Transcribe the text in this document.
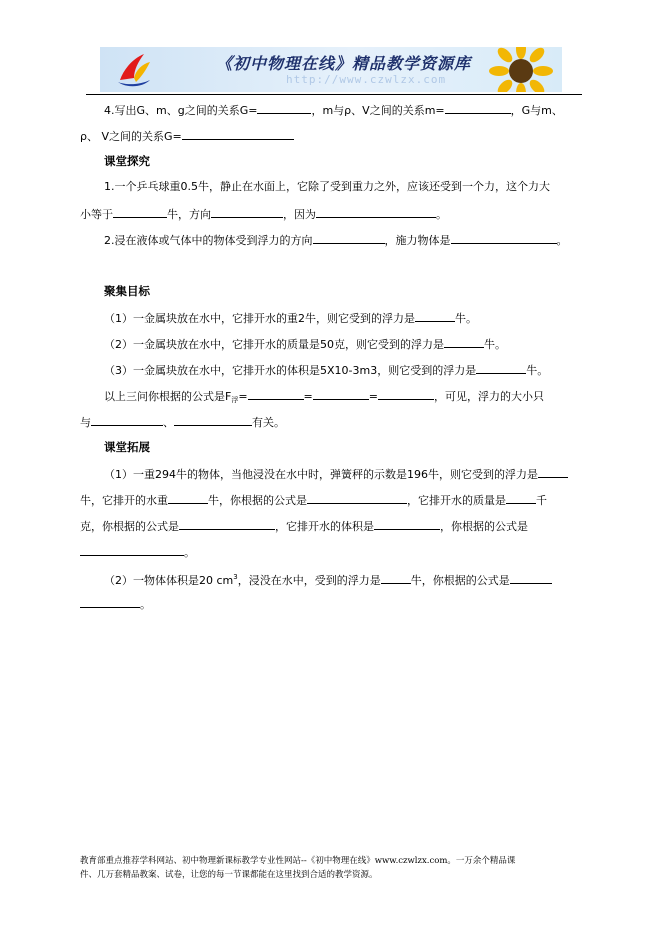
《初中物理在线》精品教学资源库
http://www.czwlzx.com
4.写出G、m、g之间的关系G=	，m与ρ、V之间的关系m=	，G与m、
ρ、 V之间的关系G=
课堂探究
1.一个乒乓球重0.5牛，静止在水面上，它除了受到重力之外，应该还受到一个力，这个力大
小等于	牛，方向	，因为	。
2.浸在液体或气体中的物体受到浮力的方向	，施力物体是	。
聚集目标
（1）一金属块放在水中，它排开水的重2牛，则它受到的浮力是	牛。
（2）一金属块放在水中，它排开水的质量是50克，则它受到的浮力是	牛。
（3）一金属块放在水中，它排开水的体积是5X10-3m3，则它受到的浮力是	牛。
以上三问你根据的公式是$F_浮=$	=	=	，可见，浮力的大小只
与	、	有关。
课堂拓展
（1）一重294牛的物体，当他浸没在水中时，弹簧秤的示数是196牛，则它受到的浮力是
牛，它排开的水重	牛，你根据的公式是	，它排开水的质量是	千
克，你根据的公式是	，它排开水的体积是	，你根据的公式是
。
（2）一物体体积是20 $cm^3$，浸没在水中，受到的浮力是	牛，你根据的公式是
。
教育部重点推荐学科网站、初中物理新课标教学专业性网站--《初中物理在线》www.czwlzx.com。一万余个精品课
件、几万套精品教案、试卷，让您的每一节课都能在这里找到合适的教学资源。
